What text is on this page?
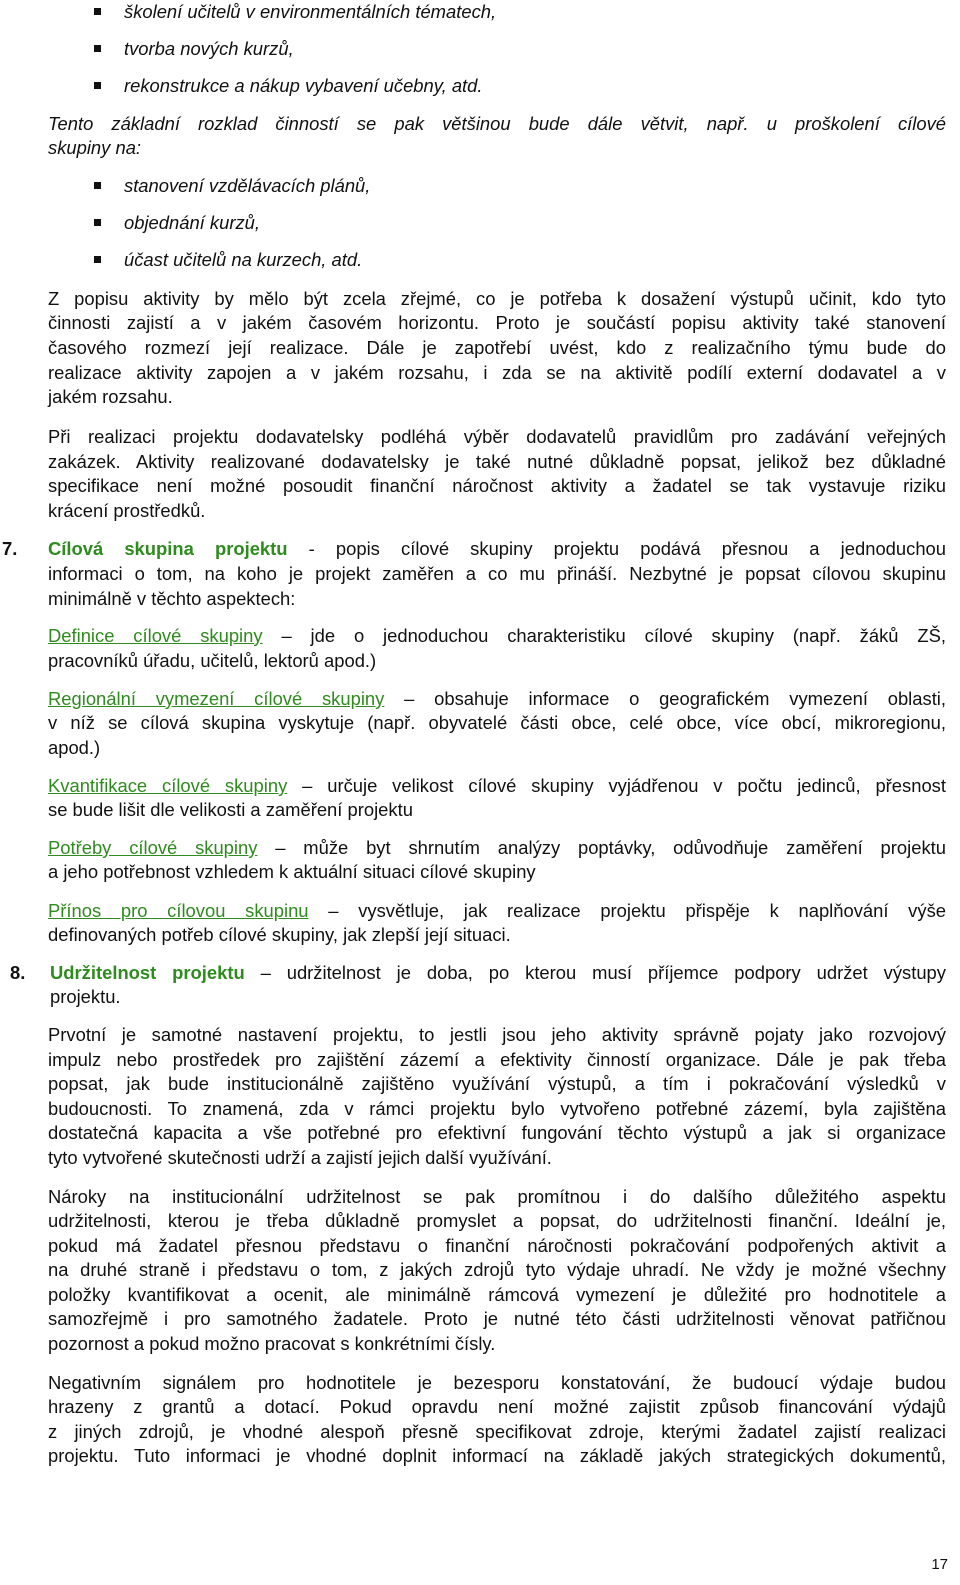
školení učitelů v environmentálních tématech,
tvorba nových kurzů,
rekonstrukce a nákup vybavení učebny, atd.
Tento základní rozklad činností se pak většinou bude dále větvit, např. u proškolení cílové
skupiny na:
stanovení vzdělávacích plánů,
objednání kurzů,
účast učitelů na kurzech, atd.
Z popisu aktivity by mělo být zcela zřejmé, co je potřeba k dosažení výstupů učinit, kdo tyto
činnosti zajistí a v jakém časovém horizontu. Proto je součástí popisu aktivity také stanovení
časového rozmezí její realizace. Dále je zapotřebí uvést, kdo z realizačního týmu bude do
realizace aktivity zapojen a v jakém rozsahu, i zda se na aktivitě podílí externí dodavatel a v
jakém rozsahu.
Při realizaci projektu dodavatelsky podléhá výběr dodavatelů pravidlům pro zadávání veřejných
zakázek. Aktivity realizované dodavatelsky je také nutné důkladně popsat, jelikož bez důkladné
specifikace není možné posoudit finanční náročnost aktivity a žadatel se tak vystavuje riziku
krácení prostředků.
7. Cílová skupina projektu - popis cílové skupiny projektu podává přesnou a jednoduchou
informaci o tom, na koho je projekt zaměřen a co mu přináší. Nezbytné je popsat cílovou skupinu
minimálně v těchto aspektech:
Definice cílové skupiny – jde o jednoduchou charakteristiku cílové skupiny (např. žáků ZŠ,
pracovníků úřadu, učitelů, lektorů apod.)
Regionální vymezení cílové skupiny – obsahuje informace o geografickém vymezení oblasti,
v níž se cílová skupina vyskytuje (např. obyvatelé části obce, celé obce, více obcí, mikroregionu,
apod.)
Kvantifikace cílové skupiny – určuje velikost cílové skupiny vyjádřenou v počtu jedinců, přesnost
se bude lišit dle velikosti a zaměření projektu
Potřeby cílové skupiny – může byt shrnutím analýzy poptávky, odůvodňuje zaměření projektu
a jeho potřebnost vzhledem k aktuální situaci cílové skupiny
Přínos pro cílovou skupinu – vysvětluje, jak realizace projektu přispěje k naplňování výše
definovaných potřeb cílové skupiny, jak zlepší její situaci.
8. Udržitelnost projektu – udržitelnost je doba, po kterou musí příjemce podpory udržet výstupy
projektu.
Prvotní je samotné nastavení projektu, to jestli jsou jeho aktivity správně pojaty jako rozvojový
impulz nebo prostředek pro zajištění zázemí a efektivity činností organizace. Dále je pak třeba
popsat, jak bude institucionálně zajištěno využívání výstupů, a tím i pokračování výsledků v
budoucnosti. To znamená, zda v rámci projektu bylo vytvořeno potřebné zázemí, byla zajištěna
dostatečná kapacita a vše potřebné pro efektivní fungování těchto výstupů a jak si organizace
tyto vytvořené skutečnosti udrží a zajistí jejich další využívání.
Nároky na institucionální udržitelnost se pak promítnou i do dalšího důležitého aspektu
udržitelnosti, kterou je třeba důkladně promyslet a popsat, do udržitelnosti finanční. Ideální je,
pokud má žadatel přesnou představu o finanční náročnosti pokračování podpořených aktivit a
na druhé straně i představu o tom, z jakých zdrojů tyto výdaje uhradí. Ne vždy je možné všechny
položky kvantifikovat a ocenit, ale minimálně rámcová vymezení je důležité pro hodnotitele a
samozřejmě i pro samotného žadatele. Proto je nutné této části udržitelnosti věnovat patřičnou
pozornost a pokud možno pracovat s konkrétními čísly.
Negativním signálem pro hodnotitele je bezesporu konstatování, že budoucí výdaje budou
hrazeny z grantů a dotací. Pokud opravdu není možné zajistit způsob financování výdajů
z jiných zdrojů, je vhodné alespoň přesně specifikovat zdroje, kterými žadatel zajistí realizaci
projektu. Tuto informaci je vhodné doplnit informací na základě jakých strategických dokumentů,
17
